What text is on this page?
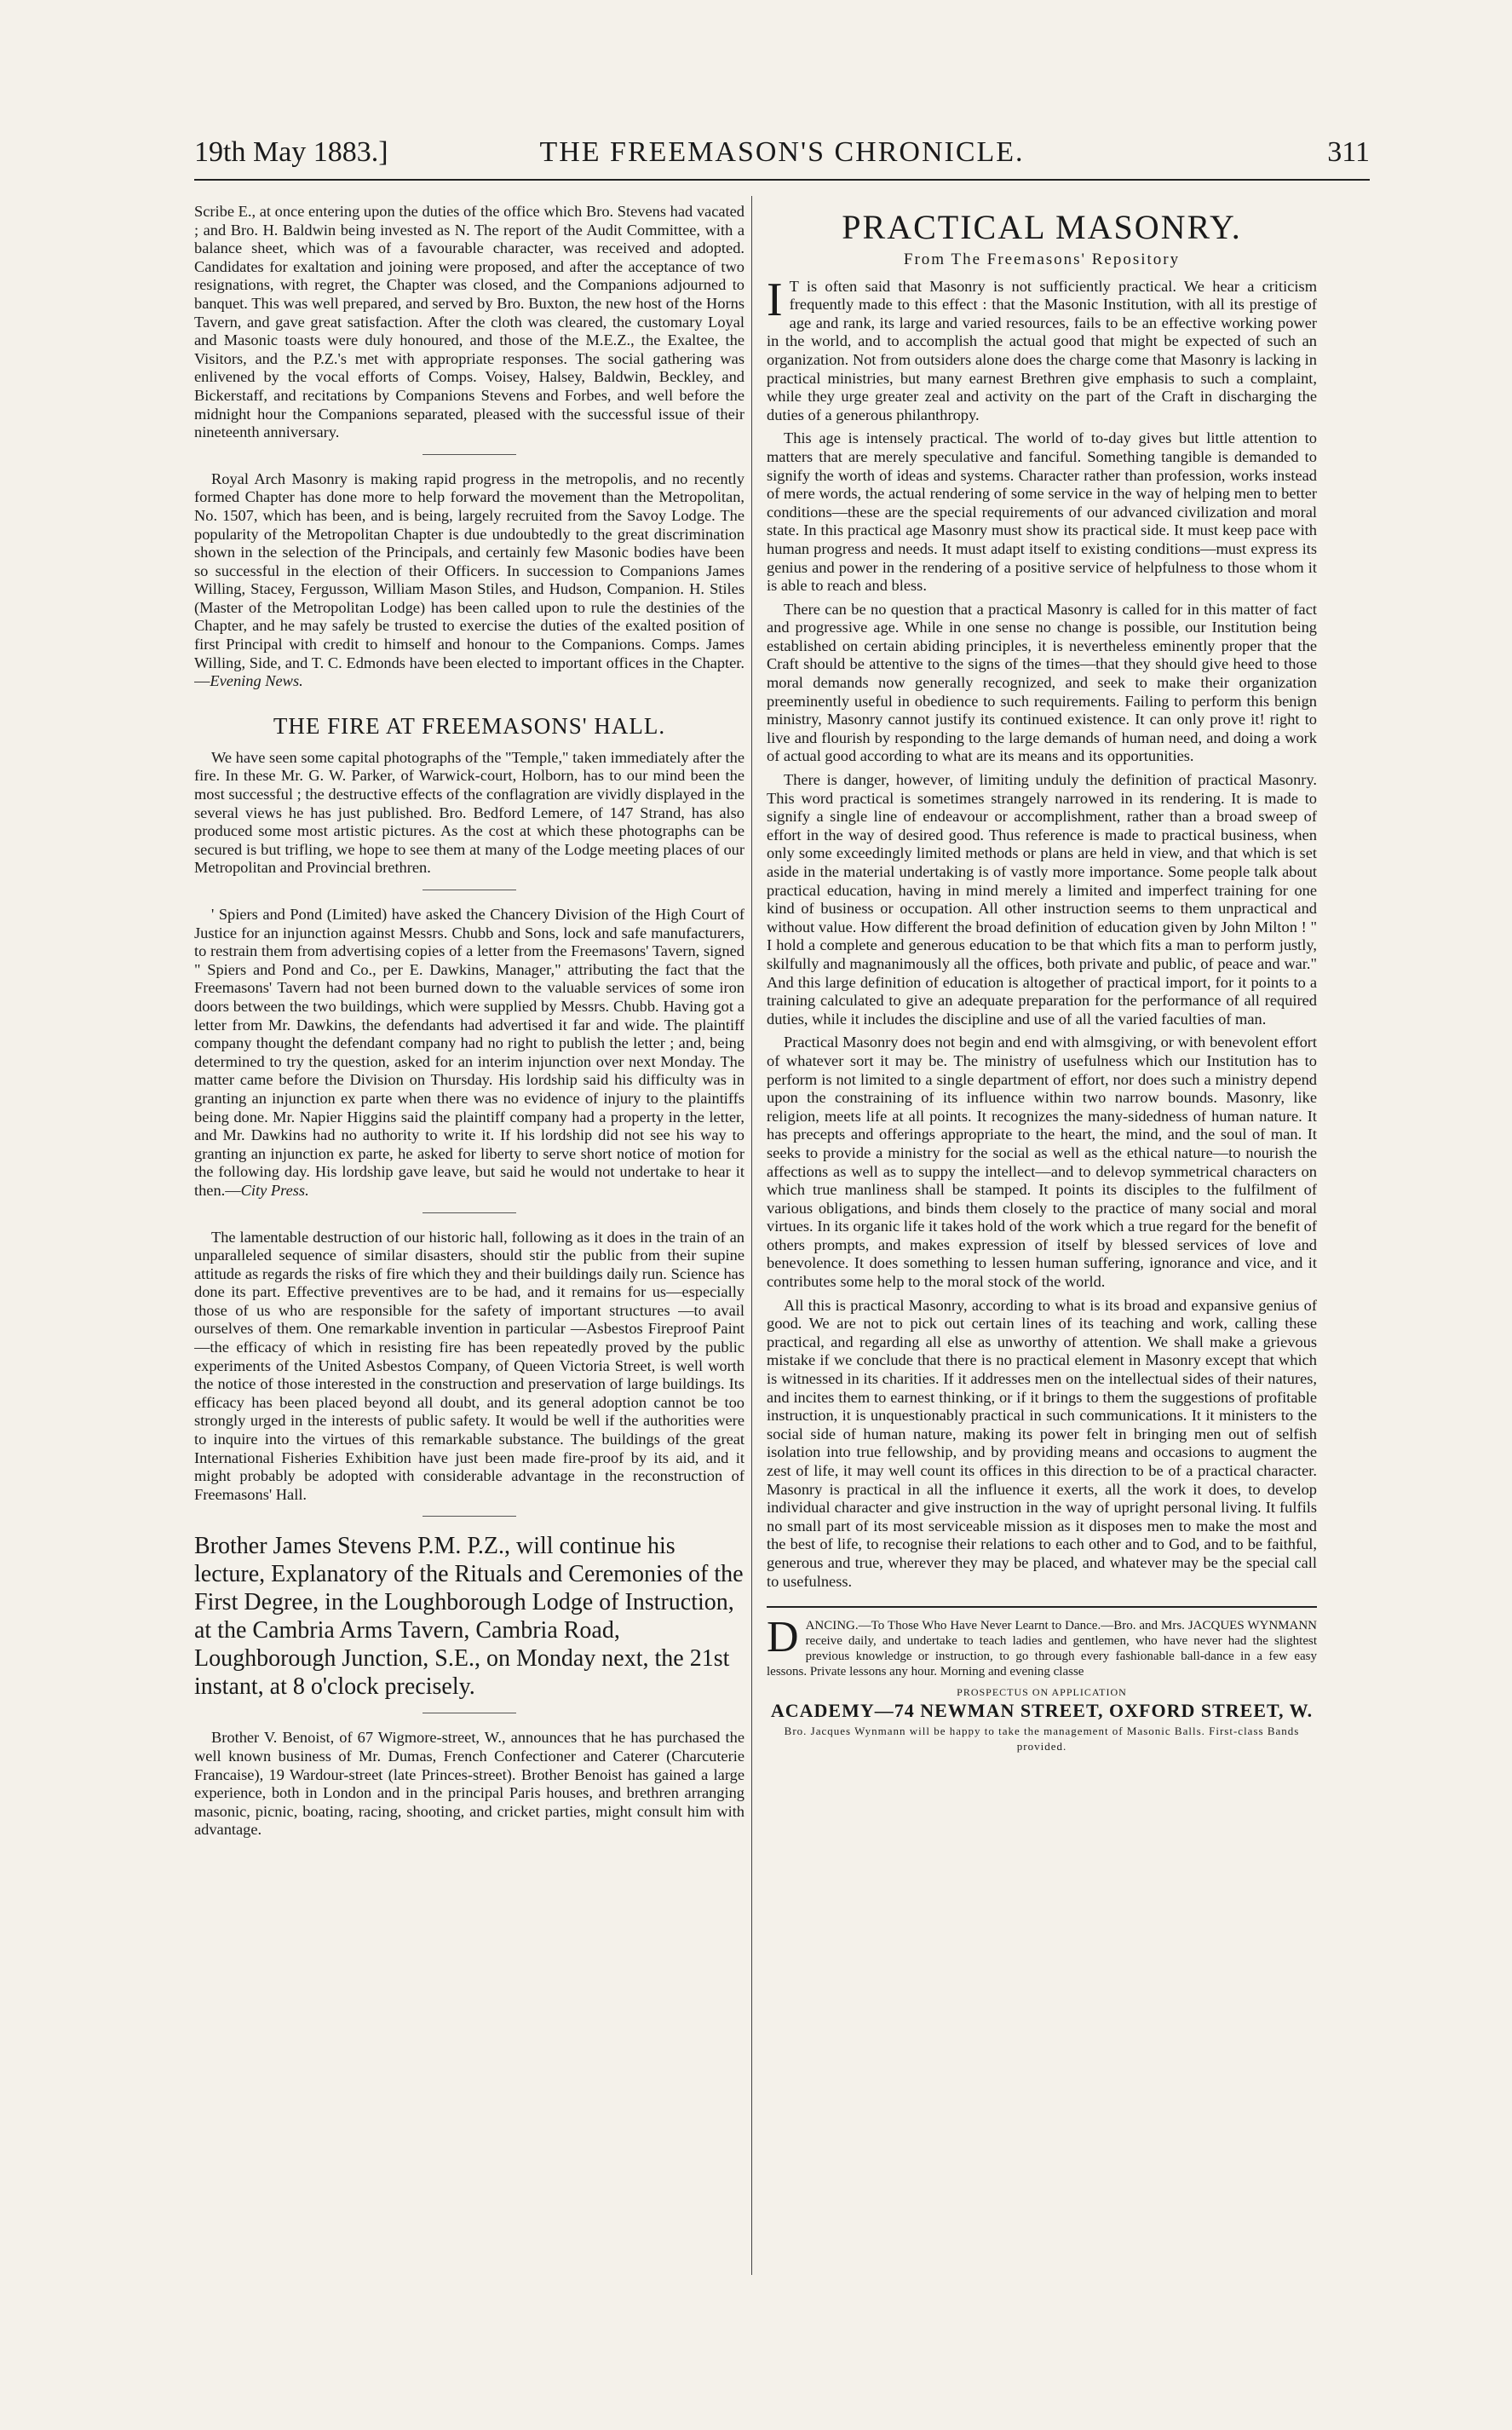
19th May 1883.]	THE FREEMASON'S CHRONICLE.	311

Scribe E., at once entering upon the duties of the office which Bro. Stevens had vacated ; and Bro. H. Baldwin being invested as N. The report of the Audit Committee, with a balance sheet, which was of a favourable character, was received and adopted. Candidates for exaltation and joining were proposed, and after the acceptance of two resignations, with regret, the Chapter was closed, and the Companions adjourned to banquet. This was well prepared, and served by Bro. Buxton, the new host of the Horns Tavern, and gave great satisfaction. After the cloth was cleared, the customary Loyal and Masonic toasts were duly honoured, and those of the M.E.Z., the Exaltee, the Visitors, and the P.Z.'s met with appropriate responses. The social gathering was enlivened by the vocal efforts of Comps. Voisey, Halsey, Baldwin, Beckley, and Bickerstaff, and recitations by Companions Stevens and Forbes, and well before the midnight hour the Companions separated, pleased with the successful issue of their nineteenth anniversary.

Royal Arch Masonry is making rapid progress in the metropolis, and no recently formed Chapter has done more to help forward the movement than the Metropolitan, No. 1507, which has been, and is being, largely recruited from the Savoy Lodge. The popularity of the Metropolitan Chapter is due undoubtedly to the great discrimination shown in the selection of the Principals, and certainly few Masonic bodies have been so successful in the election of their Officers. In succession to Companions James Willing, Stacey, Fergusson, William Mason Stiles, and Hudson, Companion. H. Stiles (Master of the Metropolitan Lodge) has been called upon to rule the destinies of the Chapter, and he may safely be trusted to exercise the duties of the exalted position of first Principal with credit to himself and honour to the Companions. Comps. James Willing, Side, and T. C. Edmonds have been elected to important offices in the Chapter.—Evening News.

THE FIRE AT FREEMASONS' HALL.

We have seen some capital photographs of the "Temple," taken immediately after the fire. In these Mr. G. W. Parker, of Warwick-court, Holborn, has to our mind been the most successful ; the destructive effects of the conflagration are vividly displayed in the several views he has just published. Bro. Bedford Lemere, of 147 Strand, has also produced some most artistic pictures. As the cost at which these photographs can be secured is but trifling, we hope to see them at many of the Lodge meeting places of our Metropolitan and Provincial brethren.

' Spiers and Pond (Limited) have asked the Chancery Division of the High Court of Justice for an injunction against Messrs. Chubb and Sons, lock and safe manufacturers, to restrain them from advertising copies of a letter from the Freemasons' Tavern, signed " Spiers and Pond and Co., per E. Dawkins, Manager," attributing the fact that the Freemasons' Tavern had not been burned down to the valuable services of some iron doors between the two buildings, which were supplied by Messrs. Chubb. Having got a letter from Mr. Dawkins, the defendants had advertised it far and wide. The plaintiff company thought the defendant company had no right to publish the letter ; and, being determined to try the question, asked for an interim injunction over next Monday. The matter came before the Division on Thursday. His lordship said his difficulty was in granting an injunction ex parte when there was no evidence of injury to the plaintiffs being done. Mr. Napier Higgins said the plaintiff company had a property in the letter, and Mr. Dawkins had no authority to write it. If his lordship did not see his way to granting an injunction ex parte, he asked for liberty to serve short notice of motion for the following day. His lordship gave leave, but said he would not undertake to hear it then.—City Press.

The lamentable destruction of our historic hall, following as it does in the train of an unparalleled sequence of similar disasters, should stir the public from their supine attitude as regards the risks of fire which they and their buildings daily run. Science has done its part. Effective preventives are to be had, and it remains for us—especially those of us who are responsible for the safety of important structures —to avail ourselves of them. One remarkable invention in particular —Asbestos Fireproof Paint—the efficacy of which in resisting fire has been repeatedly proved by the public experiments of the United Asbestos Company, of Queen Victoria Street, is well worth the notice of those interested in the construction and preservation of large buildings. Its efficacy has been placed beyond all doubt, and its general adoption cannot be too strongly urged in the interests of public safety. It would be well if the authorities were to inquire into the virtues of this remarkable substance. The buildings of the great International Fisheries Exhibition have just been made fire-proof by its aid, and it might probably be adopted with considerable advantage in the reconstruction of Freemasons' Hall.

Brother James Stevens P.M. P.Z., will continue his lecture, Explanatory of the Rituals and Ceremonies of the First Degree, in the Loughborough Lodge of Instruction, at the Cambria Arms Tavern, Cambria Road, Loughborough Junction, S.E., on Monday next, the 21st instant, at 8 o'clock precisely.

Brother V. Benoist, of 67 Wigmore-street, W., announces that he has purchased the well known business of Mr. Dumas, French Confectioner and Caterer (Charcuterie Francaise), 19 Wardour-street (late Princes-street). Brother Benoist has gained a large experience, both in London and in the principal Paris houses, and brethren arranging masonic, picnic, boating, racing, shooting, and cricket parties, might consult him with advantage.

PRACTICAL MASONRY.
From The Freemasons' Repository

I T is often said that Masonry is not sufficiently practical. We hear a criticism frequently made to this effect : that the Masonic Institution, with all its prestige of age and rank, its large and varied resources, fails to be an effective working power in the world, and to accomplish the actual good that might be expected of such an organization. Not from outsiders alone does the charge come that Masonry is lacking in practical ministries, but many earnest Brethren give emphasis to such a complaint, while they urge greater zeal and activity on the part of the Craft in discharging the duties of a generous philanthropy.

This age is intensely practical. The world of to-day gives but little attention to matters that are merely speculative and fanciful. Something tangible is demanded to signify the worth of ideas and systems. Character rather than profession, works instead of mere words, the actual rendering of some service in the way of helping men to better conditions—these are the special requirements of our advanced civilization and moral state. In this practical age Masonry must show its practical side. It must keep pace with human progress and needs. It must adapt itself to existing conditions—must express its genius and power in the rendering of a positive service of helpfulness to those whom it is able to reach and bless.

There can be no question that a practical Masonry is called for in this matter of fact and progressive age. While in one sense no change is possible, our Institution being established on certain abiding principles, it is nevertheless eminently proper that the Craft should be attentive to the signs of the times—that they should give heed to those moral demands now generally recognized, and seek to make their organization preeminently useful in obedience to such requirements. Failing to perform this benign ministry, Masonry cannot justify its continued existence. It can only prove it! right to live and flourish by responding to the large demands of human need, and doing a work of actual good according to what are its means and its opportunities.

There is danger, however, of limiting unduly the definition of practical Masonry. This word practical is sometimes strangely narrowed in its rendering. It is made to signify a single line of endeavour or accomplishment, rather than a broad sweep of effort in the way of desired good. Thus reference is made to practical business, when only some exceedingly limited methods or plans are held in view, and that which is set aside in the material undertaking is of vastly more importance. Some people talk about practical education, having in mind merely a limited and imperfect training for one kind of business or occupation. All other instruction seems to them unpractical and without value. How different the broad definition of education given by John Milton ! " I hold a complete and generous education to be that which fits a man to perform justly, skilfully and magnanimously all the offices, both private and public, of peace and war." And this large definition of education is altogether of practical import, for it points to a training calculated to give an adequate preparation for the performance of all required duties, while it includes the discipline and use of all the varied faculties of man.

Practical Masonry does not begin and end with almsgiving, or with benevolent effort of whatever sort it may be. The ministry of usefulness which our Institution has to perform is not limited to a single department of effort, nor does such a ministry depend upon the constraining of its influence within two narrow bounds. Masonry, like religion, meets life at all points. It recognizes the many-sidedness of human nature. It has precepts and offerings appropriate to the heart, the mind, and the soul of man. It seeks to provide a ministry for the social as well as the ethical nature—to nourish the affections as well as to suppy the intellect—and to delevop symmetrical characters on which true manliness shall be stamped. It points its disciples to the fulfilment of various obligations, and binds them closely to the practice of many social and moral virtues. In its organic life it takes hold of the work which a true regard for the benefit of others prompts, and makes expression of itself by blessed services of love and benevolence. It does something to lessen human suffering, ignorance and vice, and it contributes some help to the moral stock of the world.

All this is practical Masonry, according to what is its broad and expansive genius of good. We are not to pick out certain lines of its teaching and work, calling these practical, and regarding all else as unworthy of attention. We shall make a grievous mistake if we conclude that there is no practical element in Masonry except that which is witnessed in its charities. If it addresses men on the intellectual sides of their natures, and incites them to earnest thinking, or if it brings to them the suggestions of profitable instruction, it is unquestionably practical in such communications. It it ministers to the social side of human nature, making its power felt in bringing men out of selfish isolation into true fellowship, and by providing means and occasions to augment the zest of life, it may well count its offices in this direction to be of a practical character. Masonry is practical in all the influence it exerts, all the work it does, to develop individual character and give instruction in the way of upright personal living. It fulfils no small part of its most serviceable mission as it disposes men to make the most and the best of life, to recognise their relations to each other and to God, and to be faithful, generous and true, wherever they may be placed, and whatever may be the special call to usefulness.

DANCING.—To Those Who Have Never Learnt to Dance.—Bro. and Mrs. JACQUES WYNMANN receive daily, and undertake to teach ladies and gentlemen, who have never had the slightest previous knowledge or instruction, to go through every fashionable ball-dance in a few easy lessons. Private lessons any hour. Morning and evening classe

PROSPECTUS ON APPLICATION
ACADEMY—74 NEWMAN STREET, OXFORD STREET, W.
Bro. Jacques Wynmann will be happy to take the management of Masonic Balls. First-class Bands provided.
